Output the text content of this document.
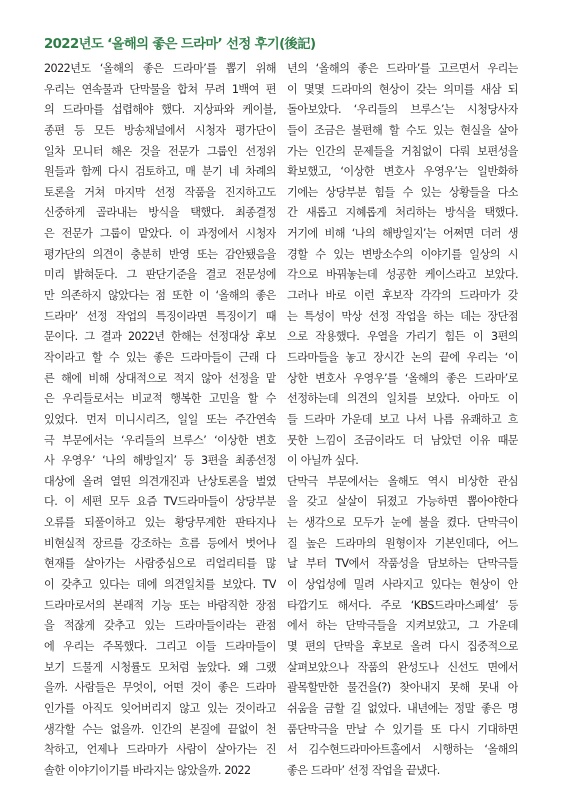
2022년도 ‘올해의 좋은 드라마’ 선정 후기(後記)
2022년도 ‘올해의 좋은 드라마’를 뽑기 위해
우리는 연속물과 단막물을 합쳐 무려 1백여 편
의 드라마를 섭렵해야 했다. 지상파와 케이블,
종편 등 모든 방송채널에서 시청자 평가단이
일차 모니터 해온 것을 전문가 그룹인 선정위
원들과 함께 다시 검토하고, 매 분기 네 차례의
토론을 거쳐 마지막 선정 작품을 진지하고도
신중하게 골라내는 방식을 택했다. 최종결정
은 전문가 그룹이 맡았다. 이 과정에서 시청자
평가단의 의견이 충분히 반영 또는 감안됐음을
미리 밝혀둔다. 그 판단기준을 결코 전문성에
만 의존하지 않았다는 점 또한 이 ‘올해의 좋은
드라마’ 선정 작업의 특징이라면 특징이기 때
문이다. 그 결과 2022년 한해는 선정대상 후보
작이라고 할 수 있는 좋은 드라마들이 근래 다
른 해에 비해 상대적으로 적지 않아 선정을 맡
은 우리들로서는 비교적 행복한 고민을 할 수
있었다. 먼저 미니시리즈, 일일 또는 주간연속
극 부문에서는 ‘우리들의 브루스’ ‘이상한 변호
사 우영우’ ‘나의 해방일지’ 등 3편을 최종선정
대상에 올려 열띤 의견개진과 난상토론을 벌였
다. 이 세편 모두 요즘 TV드라마들이 상당부분
오류를 되풀이하고 있는 황당무계한 판타지나
비현실적 장르를 강조하는 흐름 등에서 벗어나
현재를 살아가는 사람중심으로 리얼리티를 많
이 갖추고 있다는 데에 의견일치를 보았다. TV
드라마로서의 본래적 기능 또는 바람직한 장점
을 적잖게 갖추고 있는 드라마들이라는 관점
에 우리는 주목했다. 그리고 이들 드라마들이
보기 드물게 시청률도 모처럼 높았다. 왜 그랬
을까. 사람들은 무엇이, 어떤 것이 좋은 드라마
인가를 아직도 잊어버리지 않고 있는 것이라고
생각할 수는 없을까. 인간의 본질에 끝없이 천
착하고, 언제나 드라마가 사람이 살아가는 진
솔한 이야기이기를 바라지는 않았을까. 2022
년의 ‘올해의 좋은 드라마’를 고르면서 우리는
이 몇몇 드라마의 현상이 갖는 의미를 새삼 되
돌아보았다. ‘우리들의 브루스’는 시청당사자
들이 조금은 불편해 할 수도 있는 현실을 살아
가는 인간의 문제들을 거침없이 다뤄 보편성을
확보했고, ‘이상한 변호사 우영우’는 일반화하
기에는 상당부분 힘들 수 있는 상황들을 다소
간 새롭고 지혜롭게 처리하는 방식을 택했다.
거기에 비해 ‘나의 해방일지’는 어쩌면 더러 생
경할 수 있는 변방소수의 이야기를 일상의 시
각으로 바꿔놓는데 성공한 케이스라고 보았다.
그러나 바로 이런 후보작 각각의 드라마가 갖
는 특성이 막상 선정 작업을 하는 데는 장단점
으로 작용했다. 우열을 가리기 힘든 이 3편의
드라마들을 놓고 장시간 논의 끝에 우리는 ‘이
상한 변호사 우영우’를 ‘올해의 좋은 드라마’로
선정하는데 의견의 일치를 보았다. 아마도 이
들 드라마 가운데 보고 나서 나름 유쾌하고 흐
뭇한 느낌이 조금이라도 더 남았던 이유 때문
이 아닐까 싶다.
단막극 부문에서는 올해도 역시 비상한 관심
을 갖고 살살이 뒤졌고 가능하면 뽑아야한다
는 생각으로 모두가 눈에 불을 켰다. 단막극이
질 높은 드라마의 원형이자 기본인데다, 어느
날 부터 TV에서 작품성을 담보하는 단막극들
이 상업성에 밀려 사라지고 있다는 현상이 안
타깝기도 해서다. 주로 ‘KBS드라마스페셜’ 등
에서 하는 단막극들을 지켜보았고, 그 가운데
몇 편의 단막을 후보로 올려 다시 집중적으로
살펴보았으나 작품의 완성도나 신선도 면에서
괄목할만한 물건을(?) 찾아내지 못해 못내 아
쉬움을 금할 길 없었다. 내년에는 정말 좋은 명
품단막극을 만날 수 있기를 또 다시 기대하면
서 김수현드라마아트홀에서 시행하는 ‘올해의
좋은 드라마’ 선정 작업을 끝냈다.
